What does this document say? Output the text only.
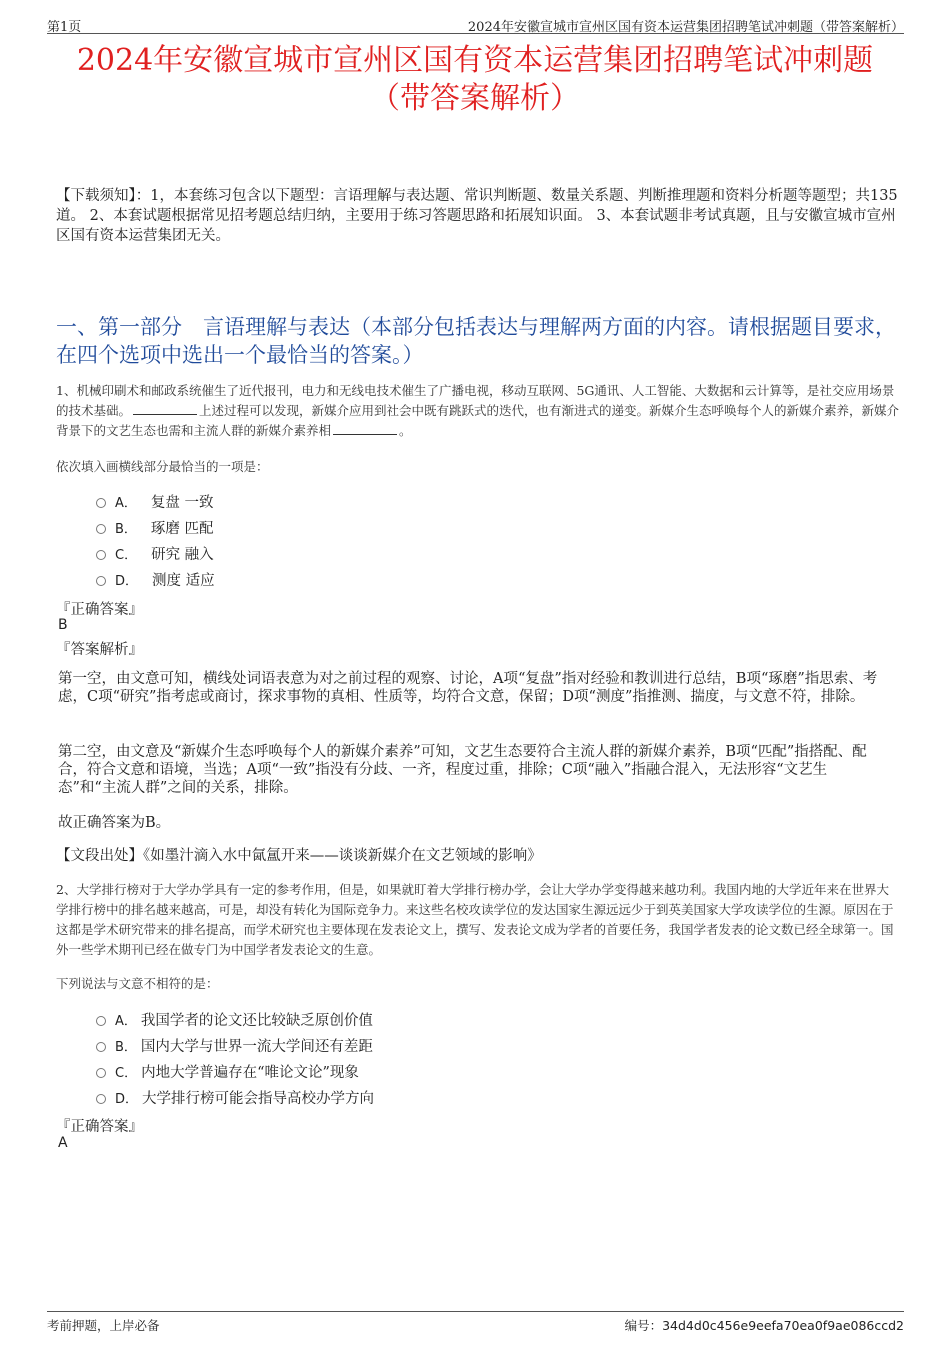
第1页	2024年安徽宣城市宣州区国有资本运营集团招聘笔试冲刺题（带答案解析）
2024年安徽宣城市宣州区国有资本运营集团招聘笔试冲刺题
（带答案解析）
【下载须知】：1，本套练习包含以下题型：言语理解与表达题、常识判断题、数量关系题、判断推理题和资料分析题等题型；共135道。 2、本套试题根据常见招考题总结归纳，主要用于练习答题思路和拓展知识面。 3、本套试题非考试真题，且与安徽宣城市宣州区国有资本运营集团无关。
一、第一部分　言语理解与表达（本部分包括表达与理解两方面的内容。请根据题目要求，在四个选项中选出一个最恰当的答案。）
1、机械印刷术和邮政系统催生了近代报刊，电力和无线电技术催生了广播电视，移动互联网、5G通讯、人工智能、大数据和云计算等，是社交应用场景的技术基础。	上述过程可以发现，新媒介应用到社会中既有跳跃式的迭代，也有渐进式的递变。新媒介生态呼唤每个人的新媒介素养，新媒介背景下的文艺生态也需和主流人群的新媒介素养相	。
依次填入画横线部分最恰当的一项是：
A． 复盘 一致
B． 琢磨 匹配
C． 研究 融入
D． 测度 适应
『正确答案』
B
『答案解析』
第一空，由文意可知，横线处词语表意为对之前过程的观察、讨论，A项“复盘”指对经验和教训进行总结，B项“琢磨”指思索、考虑，C项“研究”指考虑或商讨，探求事物的真相、性质等，均符合文意，保留；D项“测度”指推测、揣度，与文意不符，排除。
第二空，由文意及“新媒介生态呼唤每个人的新媒介素养”可知，文艺生态要符合主流人群的新媒介素养，B项“匹配”指搭配、配合，符合文意和语境，当选；A项“一致”指没有分歧、一齐，程度过重，排除；C项“融入”指融合混入，无法形容“文艺生态”和“主流人群”之间的关系，排除。
故正确答案为B。
【文段出处】《如墨汁滴入水中氤氲开来——谈谈新媒介在文艺领域的影响》
2、大学排行榜对于大学办学具有一定的参考作用，但是，如果就盯着大学排行榜办学，会让大学办学变得越来越功利。我国内地的大学近年来在世界大学排行榜中的排名越来越高，可是，却没有转化为国际竞争力。来这些名校攻读学位的发达国家生源远远少于到英美国家大学攻读学位的生源。原因在于这都是学术研究带来的排名提高，而学术研究也主要体现在发表论文上，撰写、发表论文成为学者的首要任务，我国学者发表的论文数已经全球第一。国外一些学术期刊已经在做专门为中国学者发表论文的生意。
下列说法与文意不相符的是：
A． 我国学者的论文还比较缺乏原创价值
B． 国内大学与世界一流大学间还有差距
C． 内地大学普遍存在“唯论文论”现象
D． 大学排行榜可能会指导高校办学方向
『正确答案』
A
考前押题，上岸必备	编号：34d4d0c456e9eefa70ea0f9ae086ccd2
